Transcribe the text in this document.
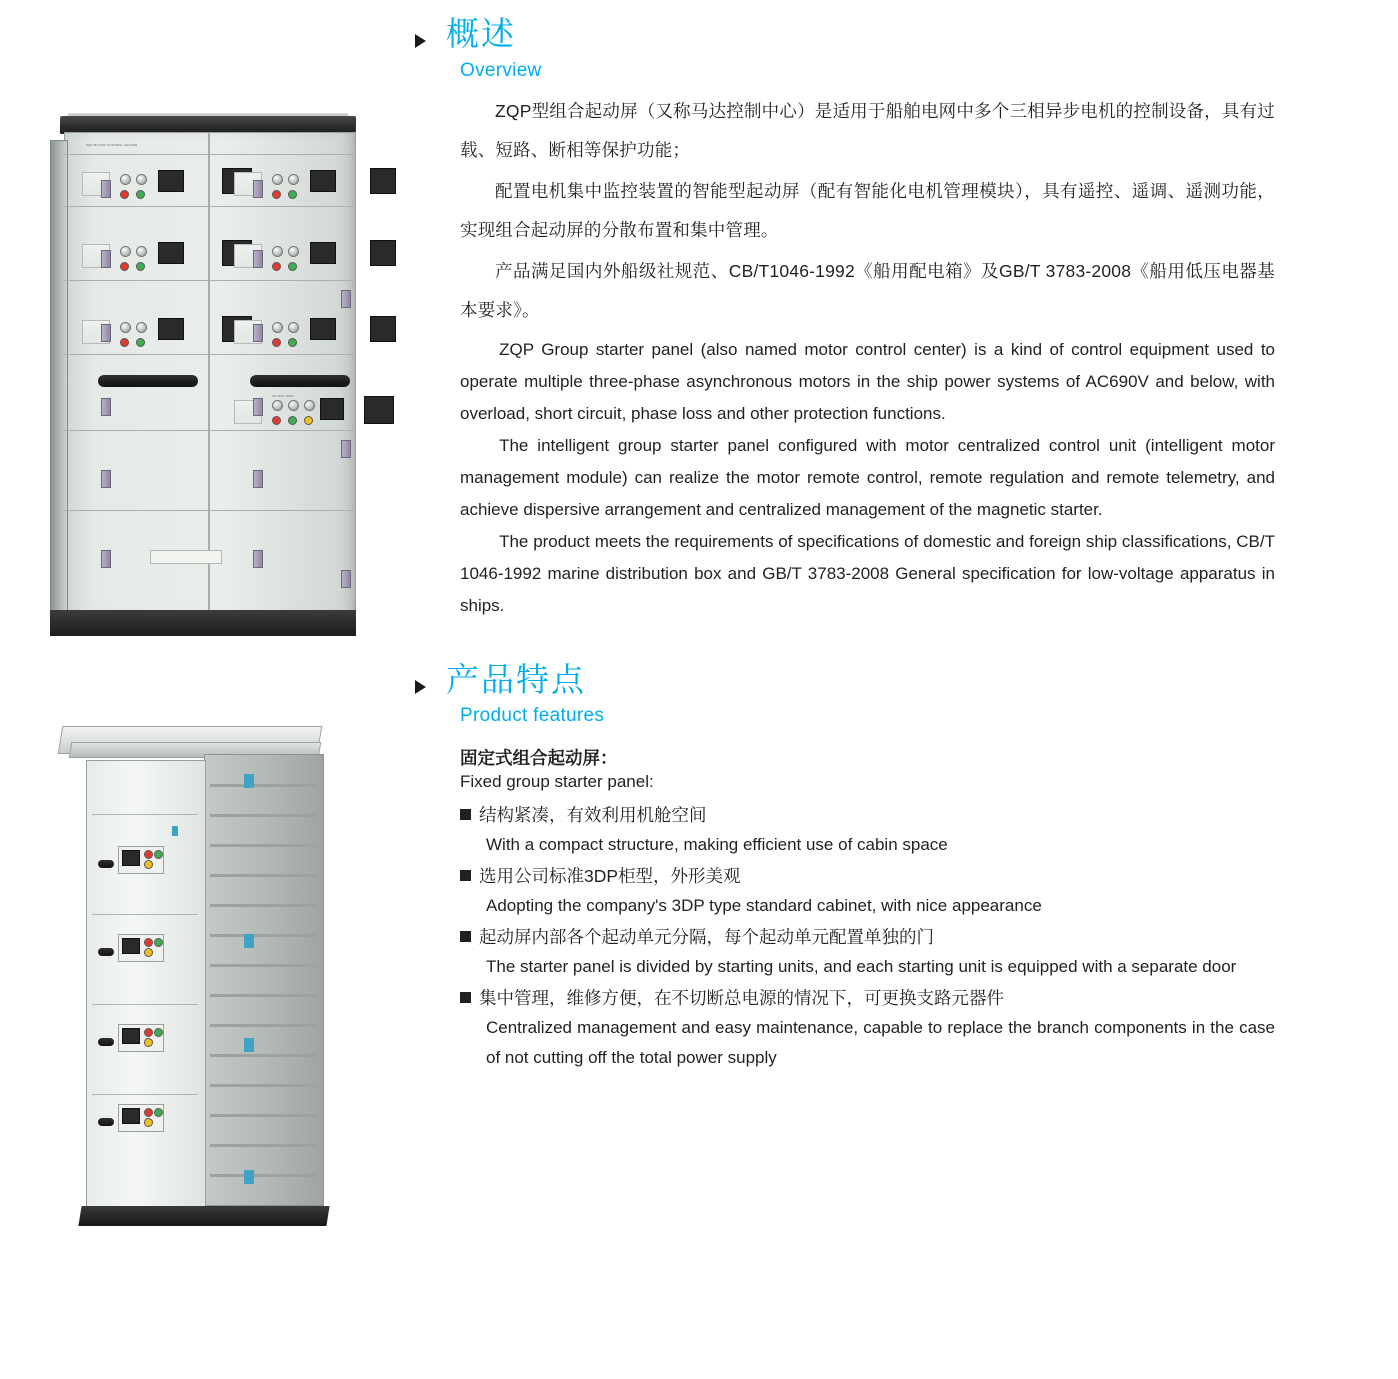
ZQP MOTOR CONTROL CENTER
ON OFF TEST
概述
Overview

ZQP型组合起动屏（又称马达控制中心）是适用于船舶电网中多个三相异步电机的控制设备，具有过载、短路、断相等保护功能；

配置电机集中监控装置的智能型起动屏（配有智能化电机管理模块），具有遥控、遥调、遥测功能，实现组合起动屏的分散布置和集中管理。

产品满足国内外船级社规范、CB/T1046-1992《船用配电箱》及GB/T 3783-2008《船用低压电器基本要求》。

ZQP Group starter panel (also named motor control center) is a kind of control equipment used to operate multiple three-phase asynchronous motors in the ship power systems of AC690V and below, with overload, short circuit, phase loss and other protection functions.

The intelligent group starter panel configured with motor centralized control unit (intelligent motor management module) can realize the motor remote control, remote regulation and remote telemetry, and achieve dispersive arrangement and centralized management of the magnetic starter.

The product meets the requirements of specifications of domestic and foreign ship classifications, CB/T 1046-1992 marine distribution box and GB/T 3783-2008 General specification for low-voltage apparatus in ships.

产品特点
Product features
固定式组合起动屏：
Fixed group starter panel:
结构紧凑，有效利用机舱空间
With a compact structure, making efficient use of cabin space
选用公司标准3DP柜型，外形美观
Adopting the company's 3DP type standard cabinet, with nice appearance
起动屏内部各个起动单元分隔，每个起动单元配置单独的门
The starter panel is divided by starting units, and each starting unit is equipped with a separate door
集中管理，维修方便，在不切断总电源的情况下，可更换支路元器件
Centralized management and easy maintenance, capable to replace the branch components in the case of not cutting off the total power supply
